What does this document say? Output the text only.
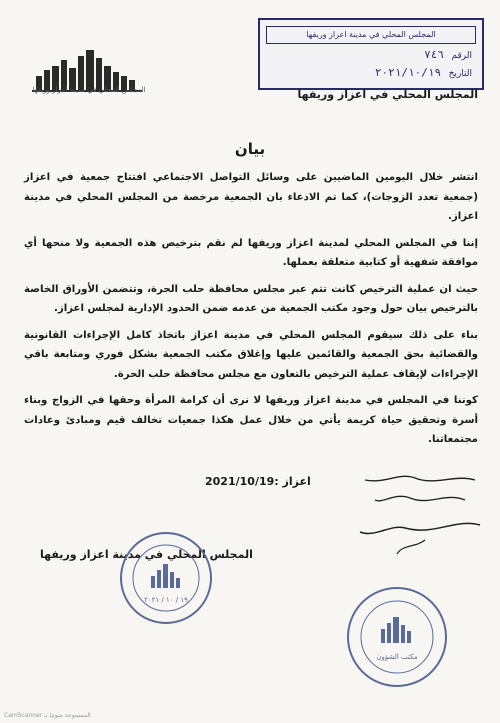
المجلس المحلي في مدينة اعزاز وريفها
الرقم ٧٤٦
التاريخ ٢٠٢١/١٠/١٩
المجلس المحلي في مدينة اعزاز وريفها	المجلس المحلي في اعزاز وريفها
بيان

انتشر خلال اليومين الماضيين على وسائل التواصل الاجتماعي افتتاح جمعية في اعزاز (جمعية تعدد الزوجات)، كما تم الادعاء بان الجمعية مرخصة من المجلس المحلي في مدينة اعزاز.

إننا في المجلس المحلي لمدينة اعزاز وريفها لم نقم بترخيص هذه الجمعية ولا منحها أي موافقة شفهية أو كتابية متعلقة بعملها.

حيث ان عملية الترخيص كانت تتم عبر مجلس محافظة حلب الحرة، وتتضمن الأوراق الخاصة بالترخيص بيان حول وجود مكتب الجمعية من عدمه ضمن الحدود الإدارية لمجلس اعزاز.

بناء على ذلك سيقوم المجلس المحلي في مدينة اعزاز باتخاذ كامل الإجراءات القانونية والقضائية بحق الجمعية والقائمين عليها وإغلاق مكتب الجمعية بشكل فوري ومتابعة باقي الإجراءات لإيقاف عملية الترخيص بالتعاون مع مجلس محافظة حلب الحرة.

كوننا في المجلس في مدينة اعزاز وريفها لا نرى أن كرامة المرأة وحقها في الزواج وبناء أسرة وتحقيق حياة كريمة يأتي من خلال عمل هكذا جمعيات تخالف قيم ومبادئ وعادات مجتمعاتنا.

اعزاز :2021/10/19
المجلس المحلي في مدينة اعزاز وريفها
١٩ / ١٠ / ٢٠٢١
مكتب الشؤون
الممسوحة ضوئيا بـ CamScanner
